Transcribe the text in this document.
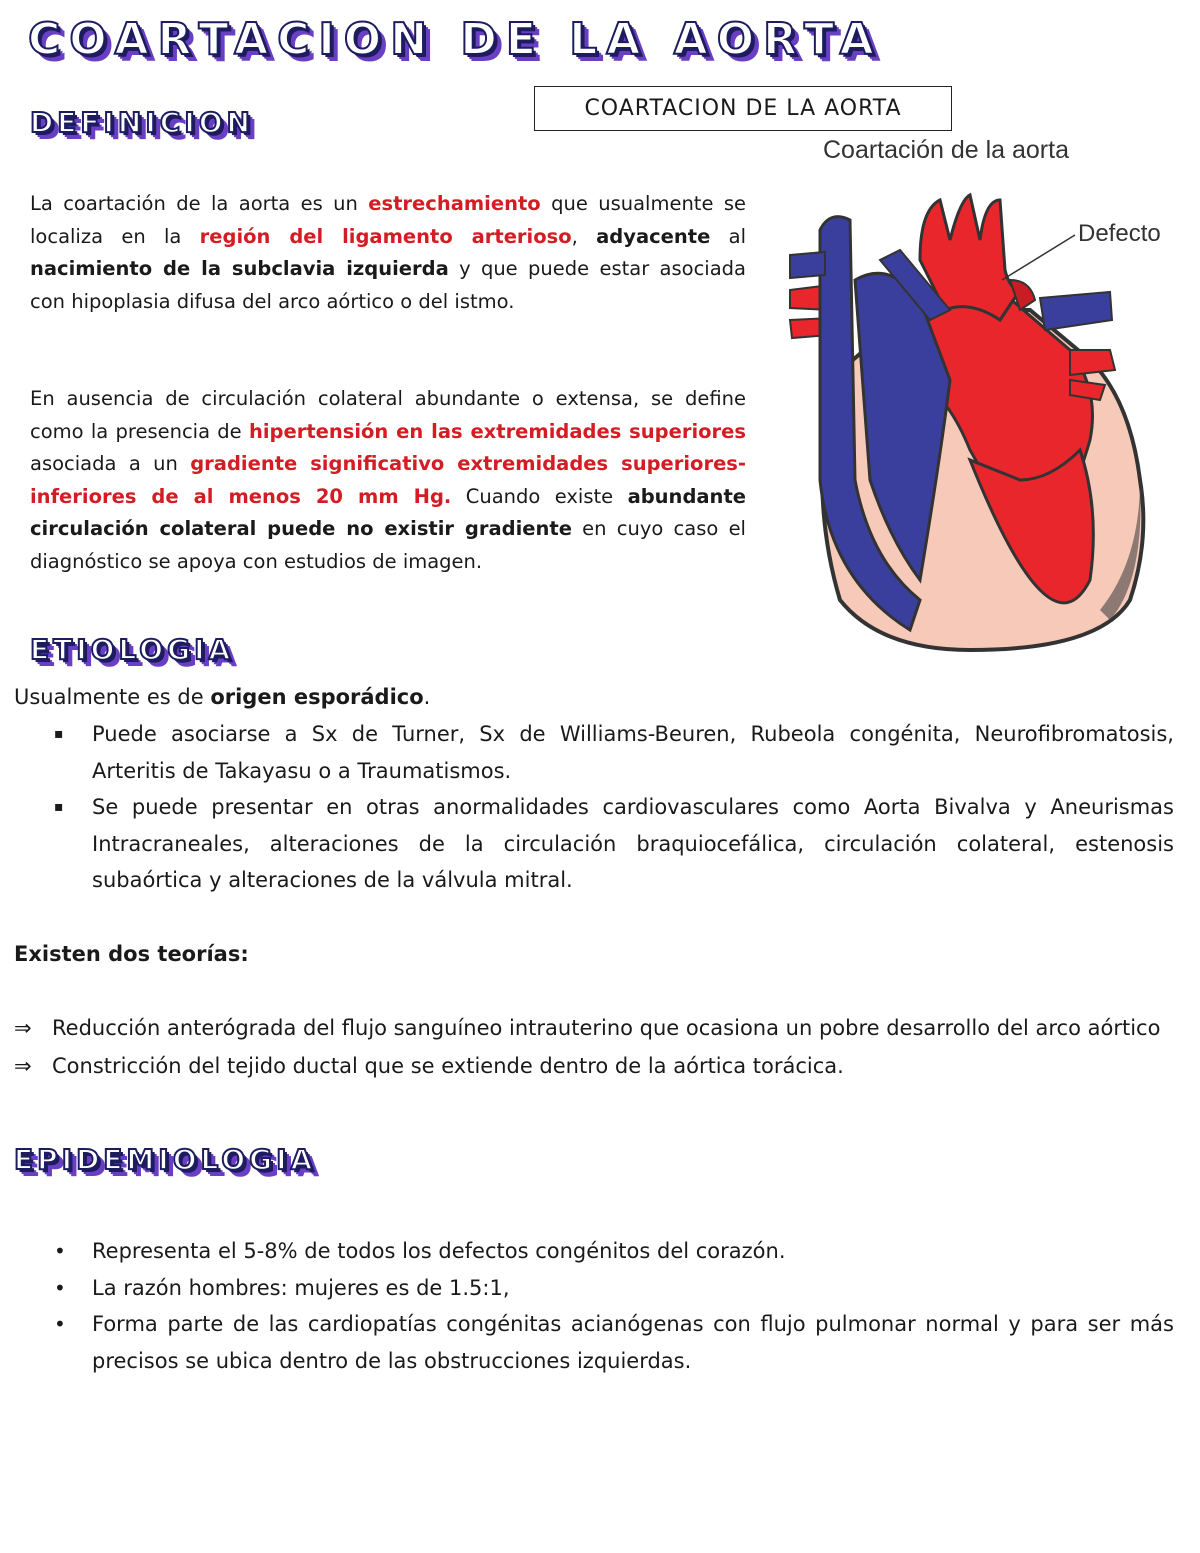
COARTACION DE LA AORTA
COARTACION DE LA AORTA
DEFINICION
La coartación de la aorta es un estrechamiento que usualmente se localiza en la región del ligamento arterioso, adyacente al nacimiento de la subclavia izquierda y que puede estar asociada con hipoplasia difusa del arco aórtico o del istmo.
En ausencia de circulación colateral abundante o extensa, se define como la presencia de hipertensión en las extremidades superiores asociada a un gradiente significativo extremidades superiores-inferiores de al menos 20 mm Hg. Cuando existe abundante circulación colateral puede no existir gradiente en cuyo caso el diagnóstico se apoya con estudios de imagen.
Coartación de la aorta
Defecto
ETIOLOGIA
Usualmente es de origen esporádico.
▪ Puede asociarse a Sx de Turner, Sx de Williams-Beuren, Rubeola congénita, Neurofibromatosis, Arteritis de Takayasu o a Traumatismos.
▪ Se puede presentar en otras anormalidades cardiovasculares como Aorta Bivalva y Aneurismas Intracraneales, alteraciones de la circulación braquiocefálica, circulación colateral, estenosis subaórtica y alteraciones de la válvula mitral.
Existen dos teorías:
⇒ Reducción anterógrada del flujo sanguíneo intrauterino que ocasiona un pobre desarrollo del arco aórtico
⇒ Constricción del tejido ductal que se extiende dentro de la aórtica torácica.
EPIDEMIOLOGIA
• Representa el 5-8% de todos los defectos congénitos del corazón.
• La razón hombres: mujeres es de 1.5:1,
• Forma parte de las cardiopatías congénitas acianógenas con flujo pulmonar normal y para ser más precisos se ubica dentro de las obstrucciones izquierdas.
